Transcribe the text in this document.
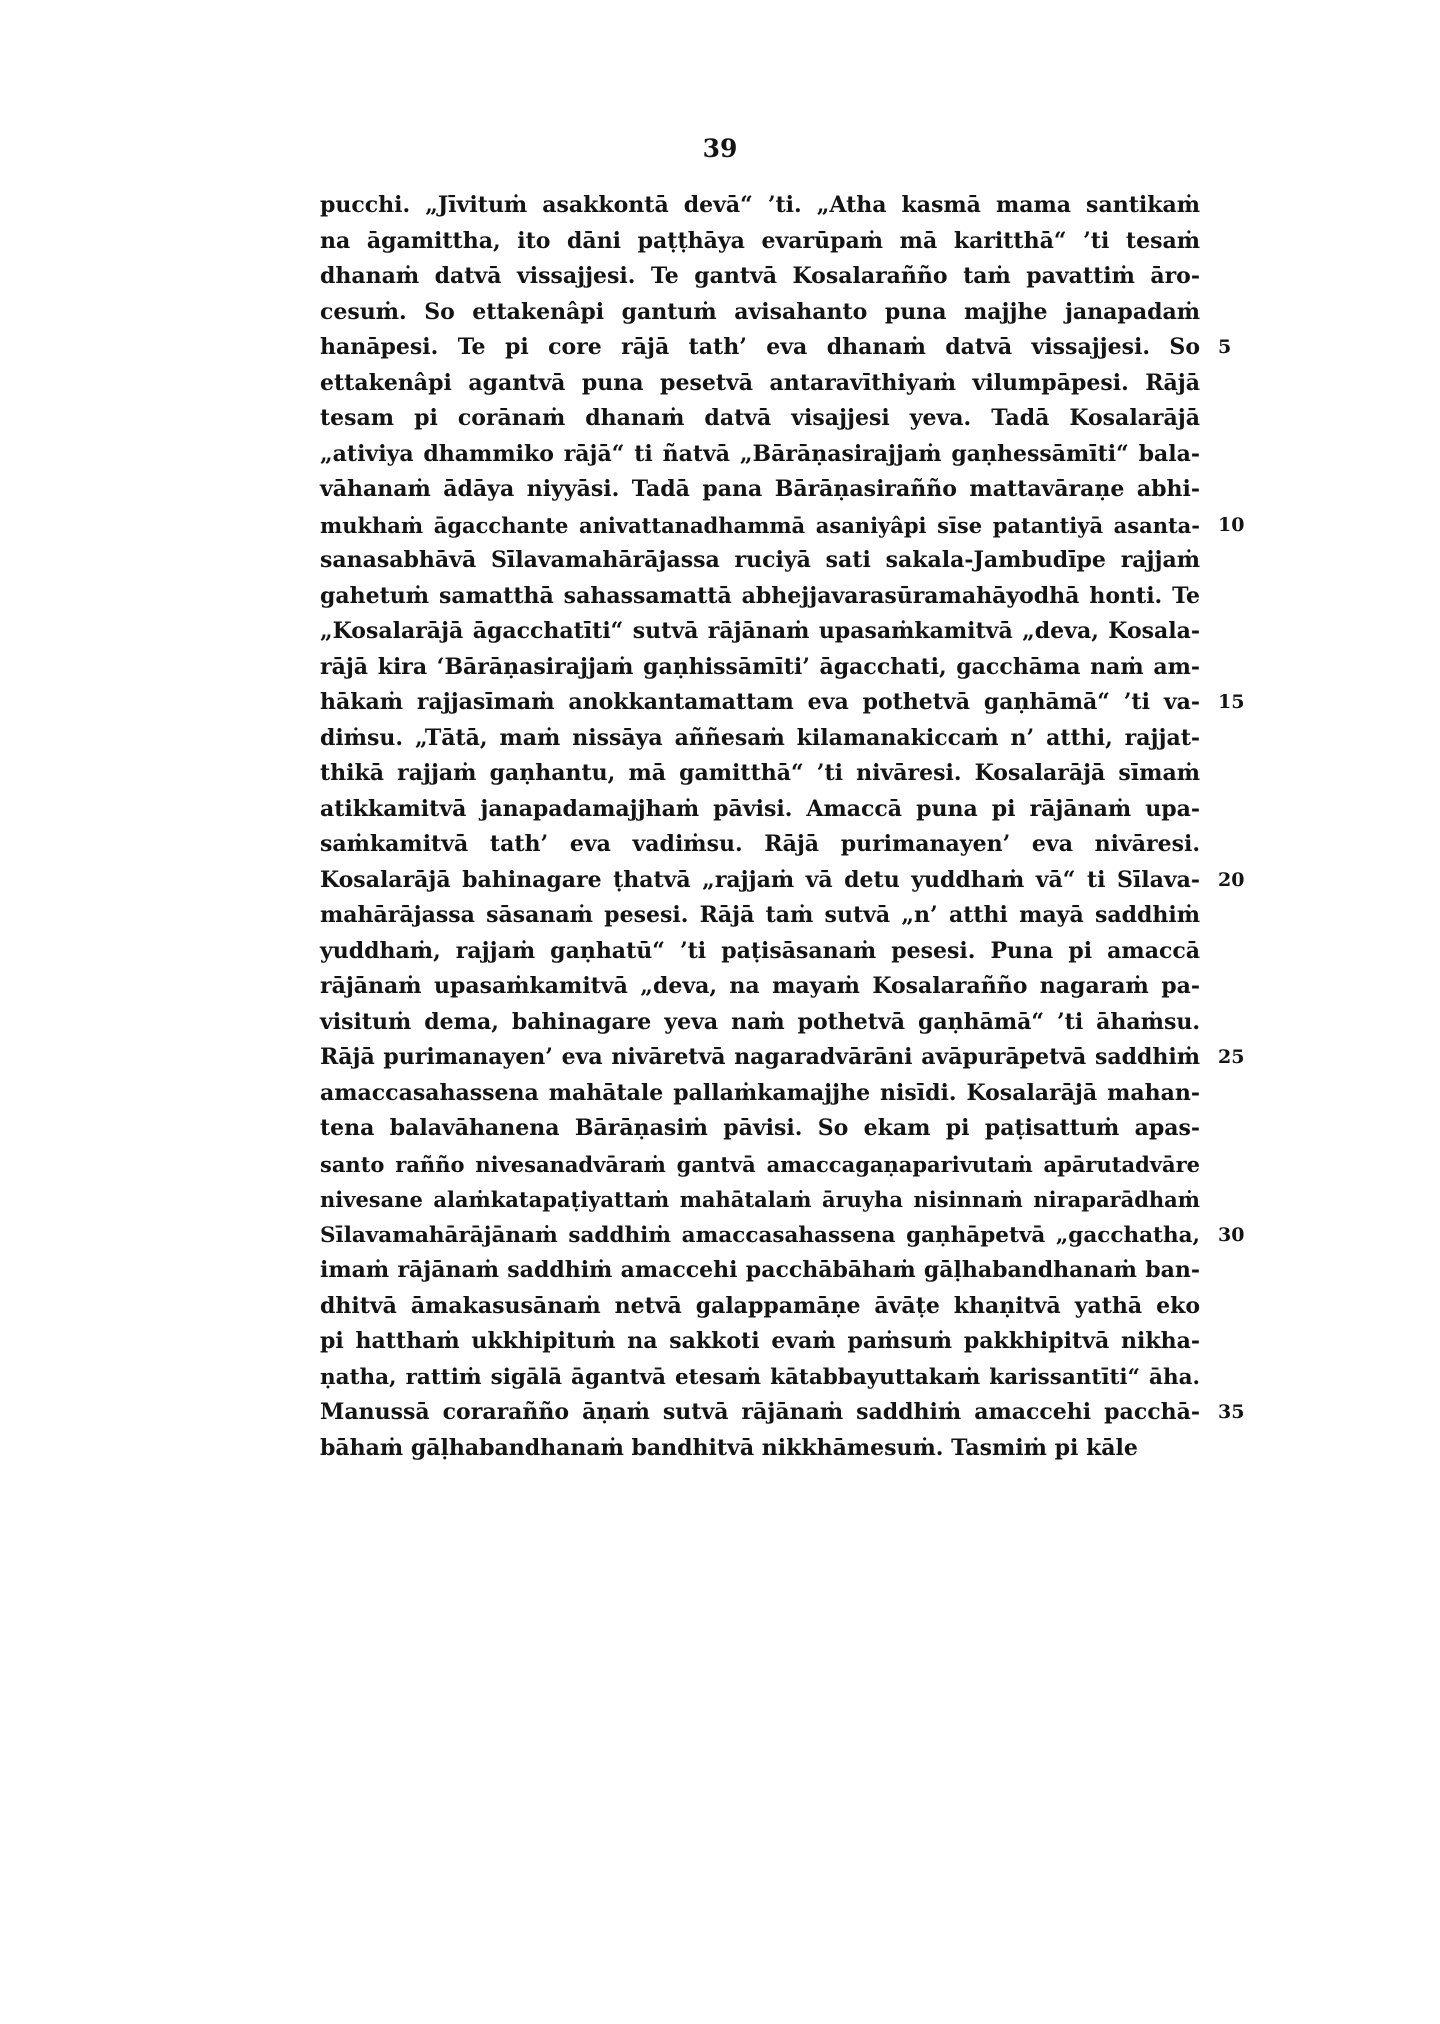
39
pucchi. „Jīvituṁ asakkontā devā“ ’ti. „Atha kasmā mama santikaṁ
na āgamittha, ito dāni paṭṭhāya evarūpaṁ mā karitthā“ ’ti tesaṁ
dhanaṁ datvā vissajjesi. Te gantvā Kosalarañño taṁ pavattiṁ āro-
cesuṁ. So ettakenâpi gantuṁ avisahanto puna majjhe janapadaṁ
hanāpesi. Te pi core rājā tath’ eva dhanaṁ datvā vissajjesi. So 5
ettakenâpi agantvā puna pesetvā antaravīthiyaṁ vilumpāpesi. Rājā
tesam pi corānaṁ dhanaṁ datvā visajjesi yeva. Tadā Kosalarājā
„ativiya dhammiko rājā“ ti ñatvā „Bārāṇasirajjaṁ gaṇhessāmīti“ bala-
vāhanaṁ ādāya niyyāsi. Tadā pana Bārāṇasirañño mattavāraṇe abhi-
mukhaṁ āgacchante anivattanadhammā asaniyâpi sīse patantiyā asanta- 10
sanasabhāvā Sīlavamahārājassa ruciyā sati sakala-Jambudīpe rajjaṁ
gahetuṁ samatthā sahassamattā abhejjavarasūramahāyodhā honti. Te
„Kosalarājā āgacchatīti“ sutvā rājānaṁ upasaṁkamitvā „deva, Kosala-
rājā kira ‘Bārāṇasirajjaṁ gaṇhissāmīti’ āgacchati, gacchāma naṁ am-
hākaṁ rajjasīmaṁ anokkantamattam eva pothetvā gaṇhāmā“ ’ti va- 15
diṁsu. „Tātā, maṁ nissāya aññesaṁ kilamanakiccaṁ n’ atthi, rajjat-
thikā rajjaṁ gaṇhantu, mā gamitthā“ ’ti nivāresi. Kosalarājā sīmaṁ
atikkamitvā janapadamajjhaṁ pāvisi. Amaccā puna pi rājānaṁ upa-
saṁkamitvā tath’ eva vadiṁsu. Rājā purimanayen’ eva nivāresi.
Kosalarājā bahinagare ṭhatvā „rajjaṁ vā detu yuddhaṁ vā“ ti Sīlava- 20
mahārājassa sāsanaṁ pesesi. Rājā taṁ sutvā „n’ atthi mayā saddhiṁ
yuddhaṁ, rajjaṁ gaṇhatū“ ’ti paṭisāsanaṁ pesesi. Puna pi amaccā
rājānaṁ upasaṁkamitvā „deva, na mayaṁ Kosalarañño nagaraṁ pa-
visituṁ dema, bahinagare yeva naṁ pothetvā gaṇhāmā“ ’ti āhaṁsu.
Rājā purimanayen’ eva nivāretvā nagaradvārāni avāpurāpetvā saddhiṁ 25
amaccasahassena mahātale pallaṁkamajjhe nisīdi. Kosalarājā mahan-
tena balavāhanena Bārāṇasiṁ pāvisi. So ekam pi paṭisattuṁ apas-
santo rañño nivesanadvāraṁ gantvā amaccagaṇaparivutaṁ apārutadvāre
nivesane alaṁkatapaṭiyattaṁ mahātalaṁ āruyha nisinnaṁ niraparādhaṁ
Sīlavamahārājānaṁ saddhiṁ amaccasahassena gaṇhāpetvā „gacchatha, 30
imaṁ rājānaṁ saddhiṁ amaccehi pacchābāhaṁ gāḷhabandhanaṁ ban-
dhitvā āmakasusānaṁ netvā galappamāṇe āvāṭe khaṇitvā yathā eko
pi hatthaṁ ukkhipituṁ na sakkoti evaṁ paṁsuṁ pakkhipitvā nikha-
ṇatha, rattiṁ sigālā āgantvā etesaṁ kātabbayuttakaṁ karissantīti“ āha.
Manussā corarañño āṇaṁ sutvā rājānaṁ saddhiṁ amaccehi pacchā- 35
bāhaṁ gāḷhabandhanaṁ bandhitvā nikkhāmesuṁ. Tasmiṁ pi kāle
